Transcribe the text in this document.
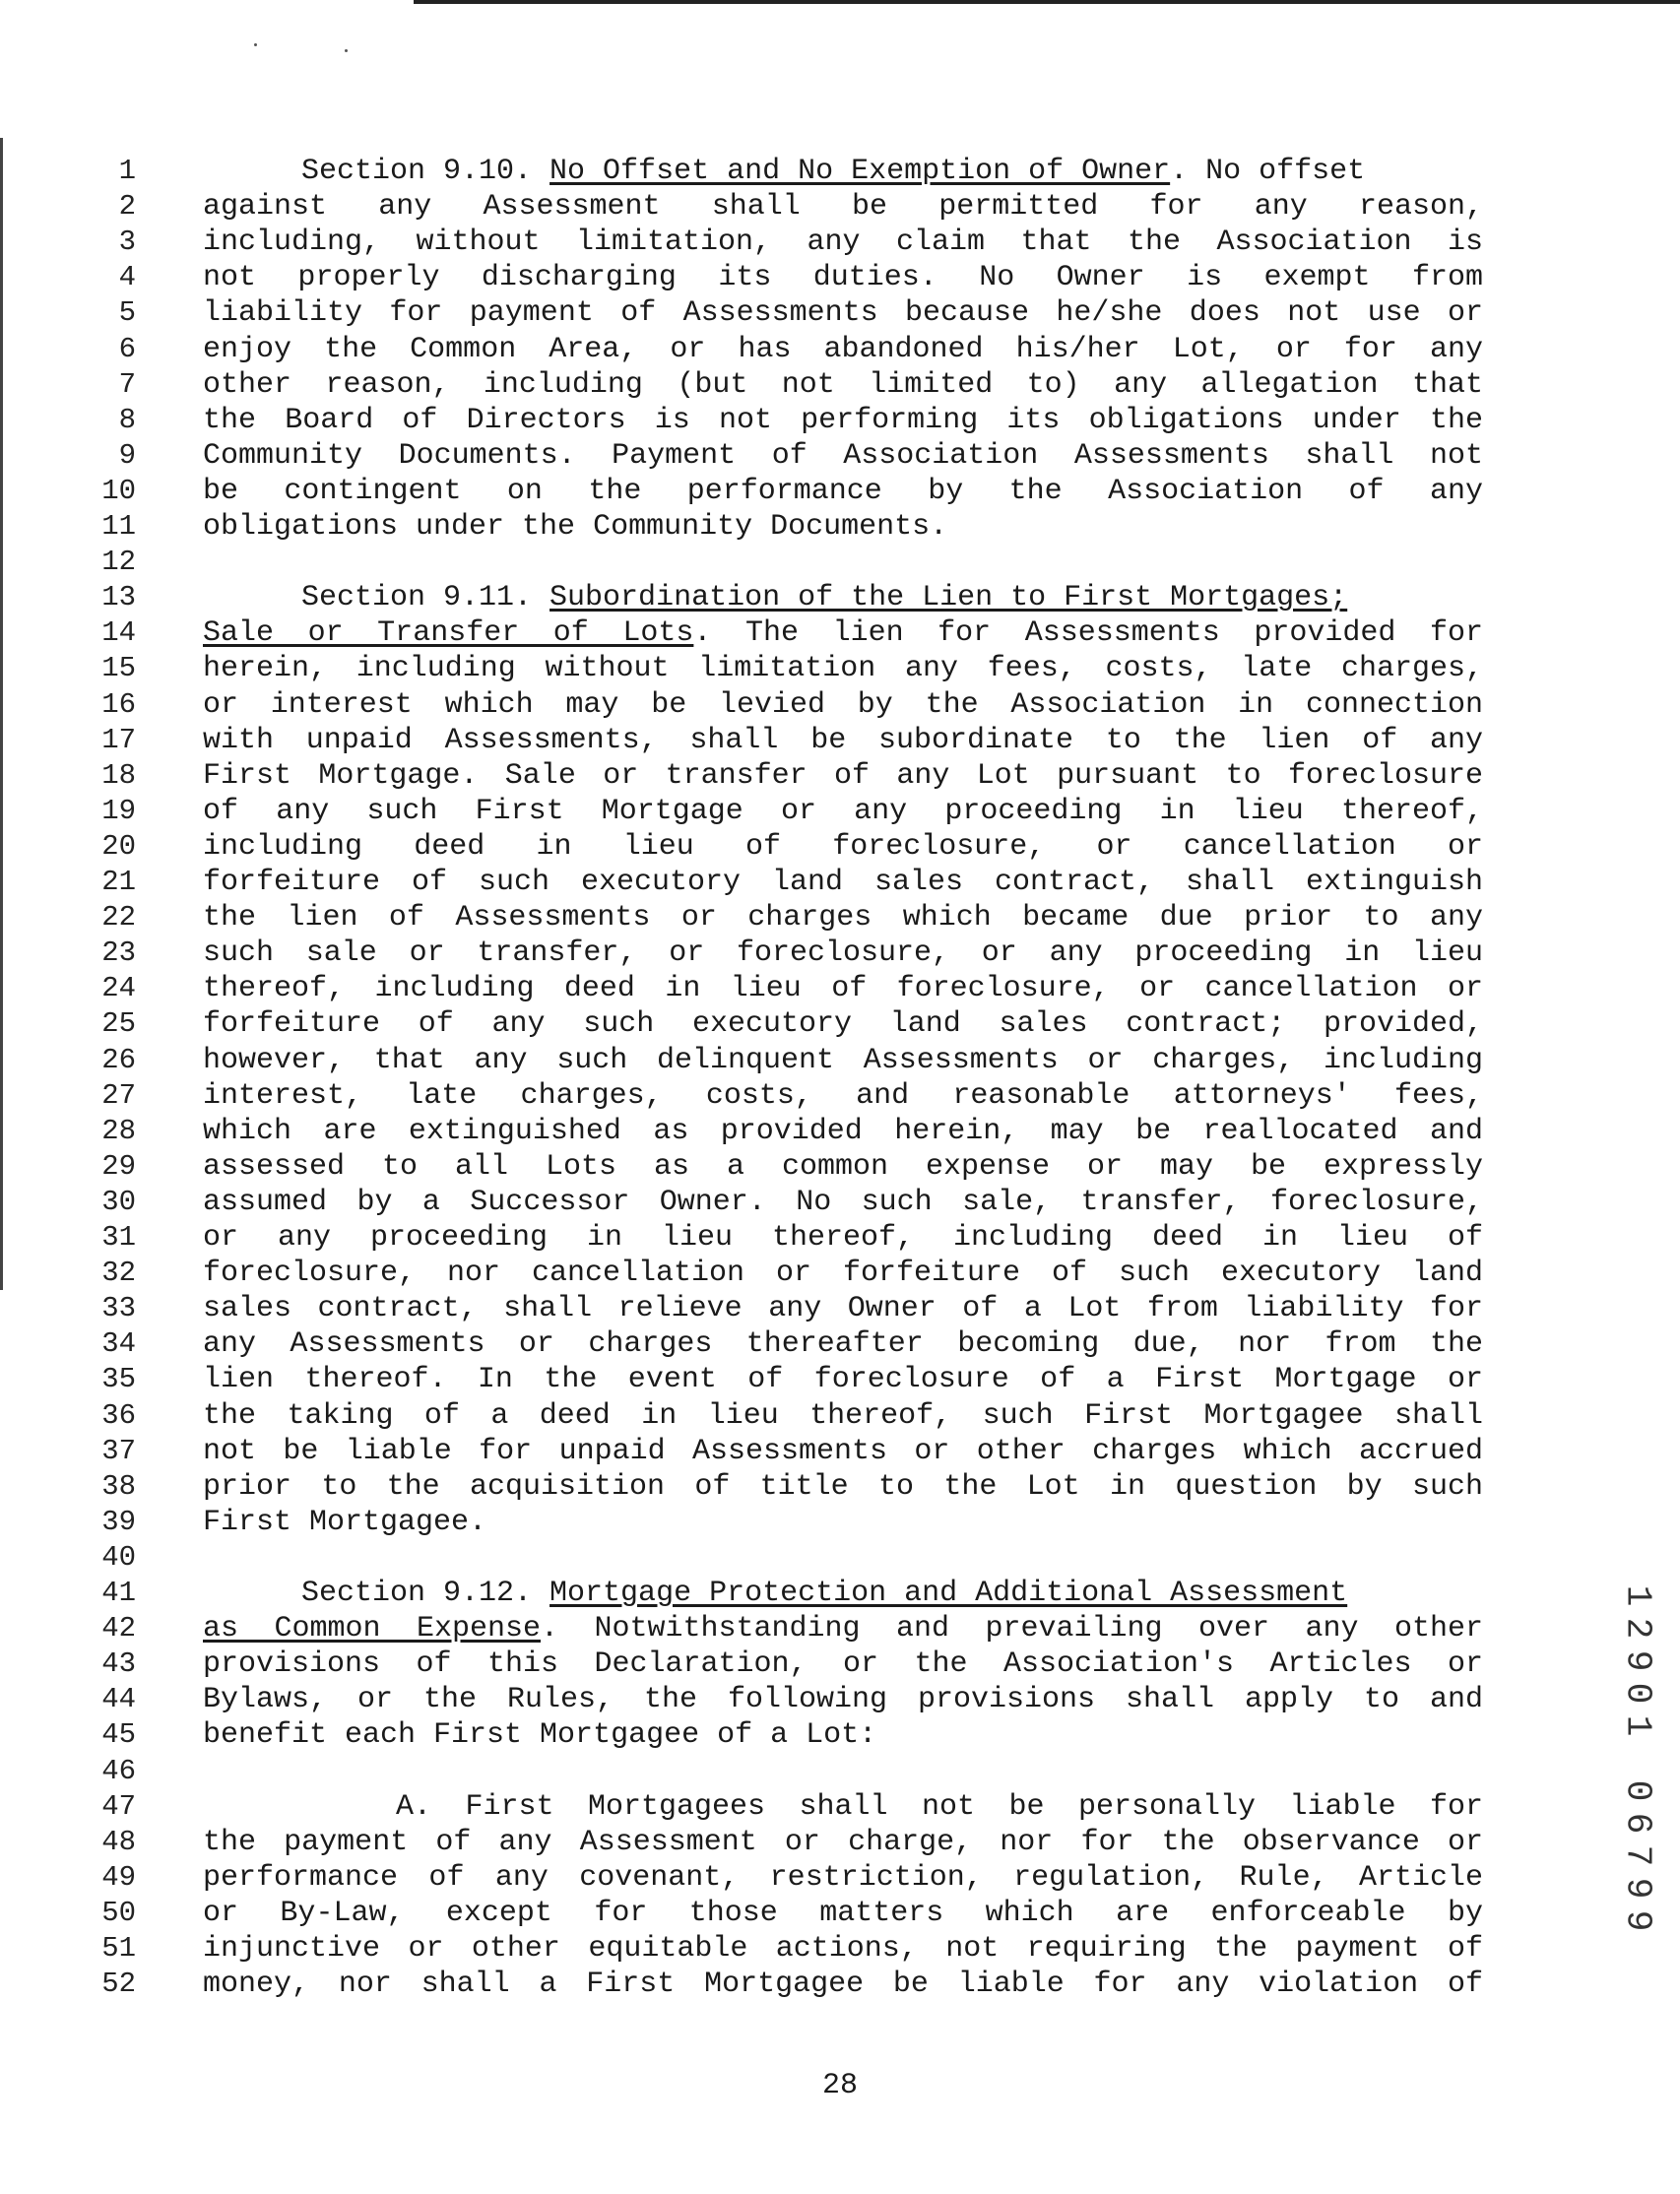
1	Section 9.10. No Offset and No Exemption of Owner. No offset
2 against any Assessment shall be permitted for any reason,
3 including, without limitation, any claim that the Association is
4 not properly discharging its duties. No Owner is exempt from
5 liability for payment of Assessments because he/she does not use or
6 enjoy the Common Area, or has abandoned his/her Lot, or for any
7 other reason, including (but not limited to) any allegation that
8 the Board of Directors is not performing its obligations under the
9 Community Documents. Payment of Association Assessments shall not
10 be contingent on the performance by the Association of any
11 obligations under the Community Documents.
12
13	Section 9.11. Subordination of the Lien to First Mortgages;
14 Sale or Transfer of Lots. The lien for Assessments provided for
15 herein, including without limitation any fees, costs, late charges,
16 or interest which may be levied by the Association in connection
17 with unpaid Assessments, shall be subordinate to the lien of any
18 First Mortgage. Sale or transfer of any Lot pursuant to foreclosure
19 of any such First Mortgage or any proceeding in lieu thereof,
20 including deed in lieu of foreclosure, or cancellation or
21 forfeiture of such executory land sales contract, shall extinguish
22 the lien of Assessments or charges which became due prior to any
23 such sale or transfer, or foreclosure, or any proceeding in lieu
24 thereof, including deed in lieu of foreclosure, or cancellation or
25 forfeiture of any such executory land sales contract; provided,
26 however, that any such delinquent Assessments or charges, including
27 interest, late charges, costs, and reasonable attorneys' fees,
28 which are extinguished as provided herein, may be reallocated and
29 assessed to all Lots as a common expense or may be expressly
30 assumed by a Successor Owner. No such sale, transfer, foreclosure,
31 or any proceeding in lieu thereof, including deed in lieu of
32 foreclosure, nor cancellation or forfeiture of such executory land
33 sales contract, shall relieve any Owner of a Lot from liability for
34 any Assessments or charges thereafter becoming due, nor from the
35 lien thereof. In the event of foreclosure of a First Mortgage or
36 the taking of a deed in lieu thereof, such First Mortgagee shall
37 not be liable for unpaid Assessments or other charges which accrued
38 prior to the acquisition of title to the Lot in question by such
39 First Mortgagee.
40
41	Section 9.12. Mortgage Protection and Additional Assessment
42 as Common Expense. Notwithstanding and prevailing over any other
43 provisions of this Declaration, or the Association's Articles or
44 Bylaws, or the Rules, the following provisions shall apply to and
45 benefit each First Mortgagee of a Lot:
46
47	A. First Mortgagees shall not be personally liable for
48 the payment of any Assessment or charge, nor for the observance or
49 performance of any covenant, restriction, regulation, Rule, Article
50 or By-Law, except for those matters which are enforceable by
51 injunctive or other equitable actions, not requiring the payment of
52 money, nor shall a First Mortgagee be liable for any violation of
1
2
9
0
1

0
6
7
9
9
28
